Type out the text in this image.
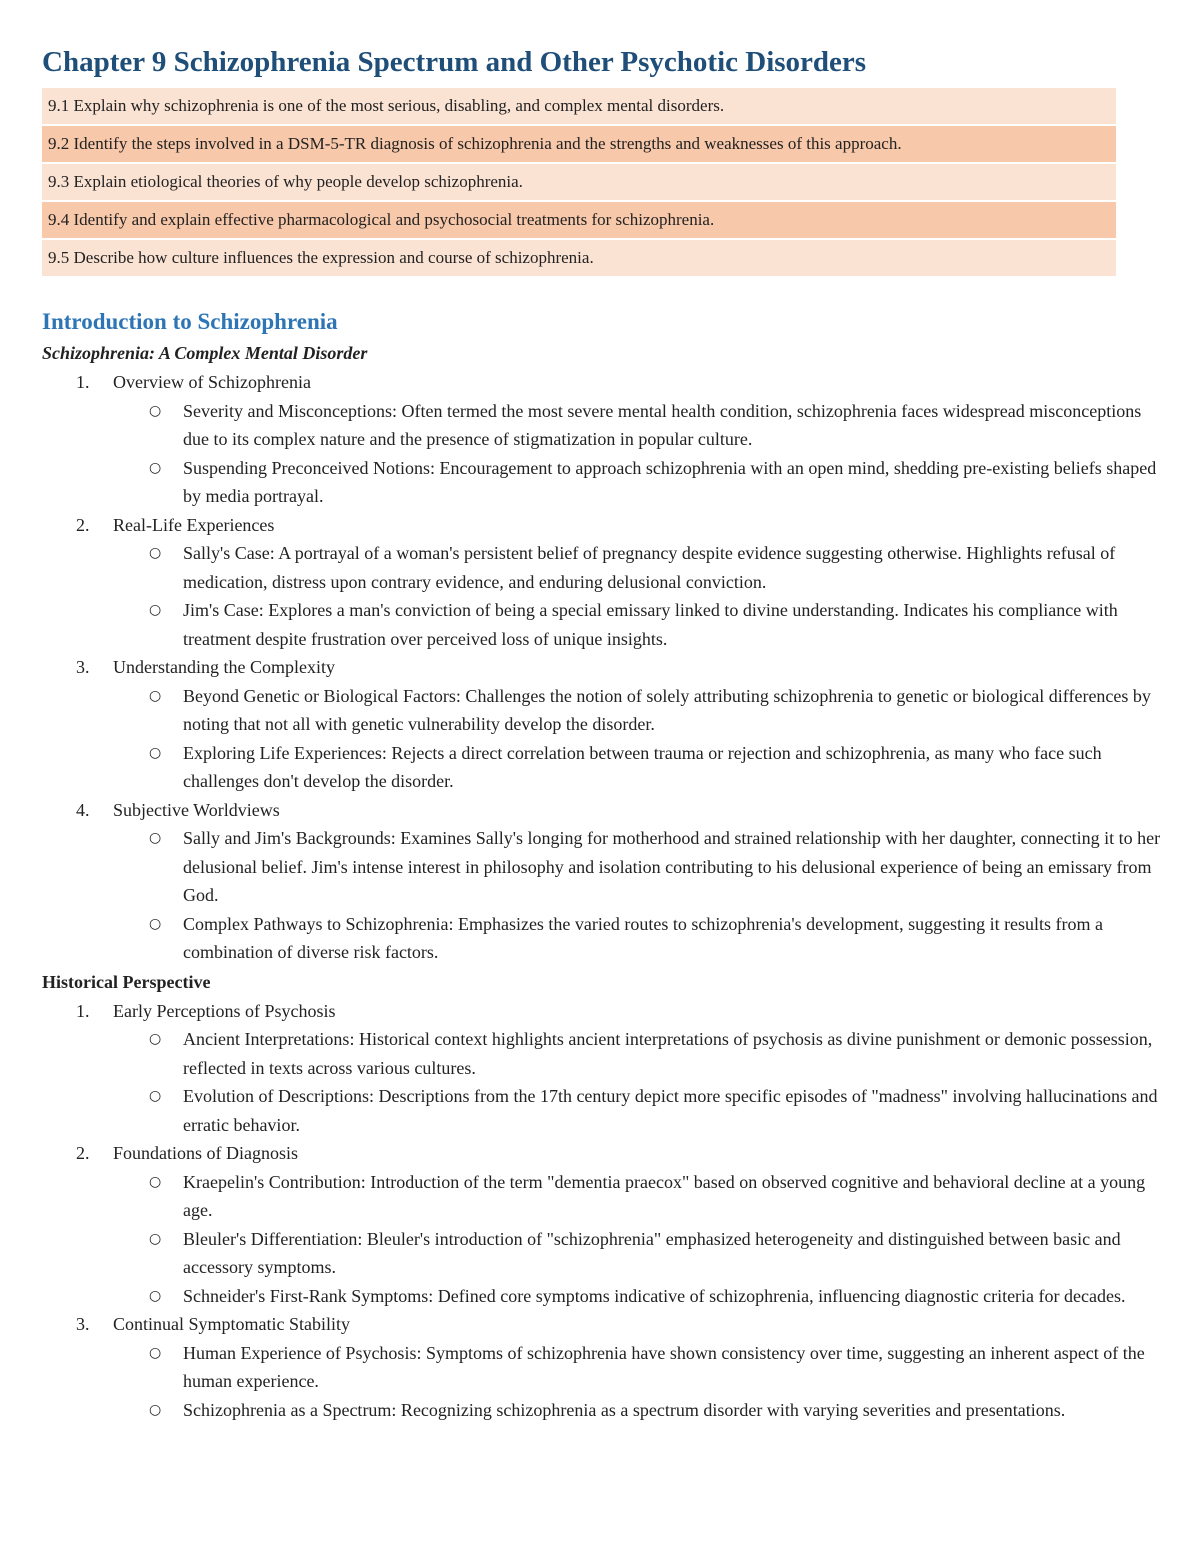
Chapter 9 Schizophrenia Spectrum and Other Psychotic Disorders
9.1 Explain why schizophrenia is one of the most serious, disabling, and complex mental disorders.
9.2 Identify the steps involved in a DSM-5-TR diagnosis of schizophrenia and the strengths and weaknesses of this approach.
9.3 Explain etiological theories of why people develop schizophrenia.
9.4 Identify and explain effective pharmacological and psychosocial treatments for schizophrenia.
9.5 Describe how culture influences the expression and course of schizophrenia.
Introduction to Schizophrenia

Schizophrenia: A Complex Mental Disorder

1. Overview of Schizophrenia
○ Severity and Misconceptions: Often termed the most severe mental health condition, schizophrenia faces widespread misconceptions due to its complex nature and the presence of stigmatization in popular culture.
○ Suspending Preconceived Notions: Encouragement to approach schizophrenia with an open mind, shedding pre-existing beliefs shaped by media portrayal.
2. Real-Life Experiences
○ Sally's Case: A portrayal of a woman's persistent belief of pregnancy despite evidence suggesting otherwise. Highlights refusal of medication, distress upon contrary evidence, and enduring delusional conviction.
○ Jim's Case: Explores a man's conviction of being a special emissary linked to divine understanding. Indicates his compliance with treatment despite frustration over perceived loss of unique insights.
3. Understanding the Complexity
○ Beyond Genetic or Biological Factors: Challenges the notion of solely attributing schizophrenia to genetic or biological differences by noting that not all with genetic vulnerability develop the disorder.
○ Exploring Life Experiences: Rejects a direct correlation between trauma or rejection and schizophrenia, as many who face such challenges don't develop the disorder.
4. Subjective Worldviews
○ Sally and Jim's Backgrounds: Examines Sally's longing for motherhood and strained relationship with her daughter, connecting it to her delusional belief. Jim's intense interest in philosophy and isolation contributing to his delusional experience of being an emissary from God.
○ Complex Pathways to Schizophrenia: Emphasizes the varied routes to schizophrenia's development, suggesting it results from a combination of diverse risk factors.

Historical Perspective

1. Early Perceptions of Psychosis
○ Ancient Interpretations: Historical context highlights ancient interpretations of psychosis as divine punishment or demonic possession, reflected in texts across various cultures.
○ Evolution of Descriptions: Descriptions from the 17th century depict more specific episodes of "madness" involving hallucinations and erratic behavior.
2. Foundations of Diagnosis
○ Kraepelin's Contribution: Introduction of the term "dementia praecox" based on observed cognitive and behavioral decline at a young age.
○ Bleuler's Differentiation: Bleuler's introduction of "schizophrenia" emphasized heterogeneity and distinguished between basic and accessory symptoms.
○ Schneider's First-Rank Symptoms: Defined core symptoms indicative of schizophrenia, influencing diagnostic criteria for decades.
3. Continual Symptomatic Stability
○ Human Experience of Psychosis: Symptoms of schizophrenia have shown consistency over time, suggesting an inherent aspect of the human experience.
○ Schizophrenia as a Spectrum: Recognizing schizophrenia as a spectrum disorder with varying severities and presentations.
